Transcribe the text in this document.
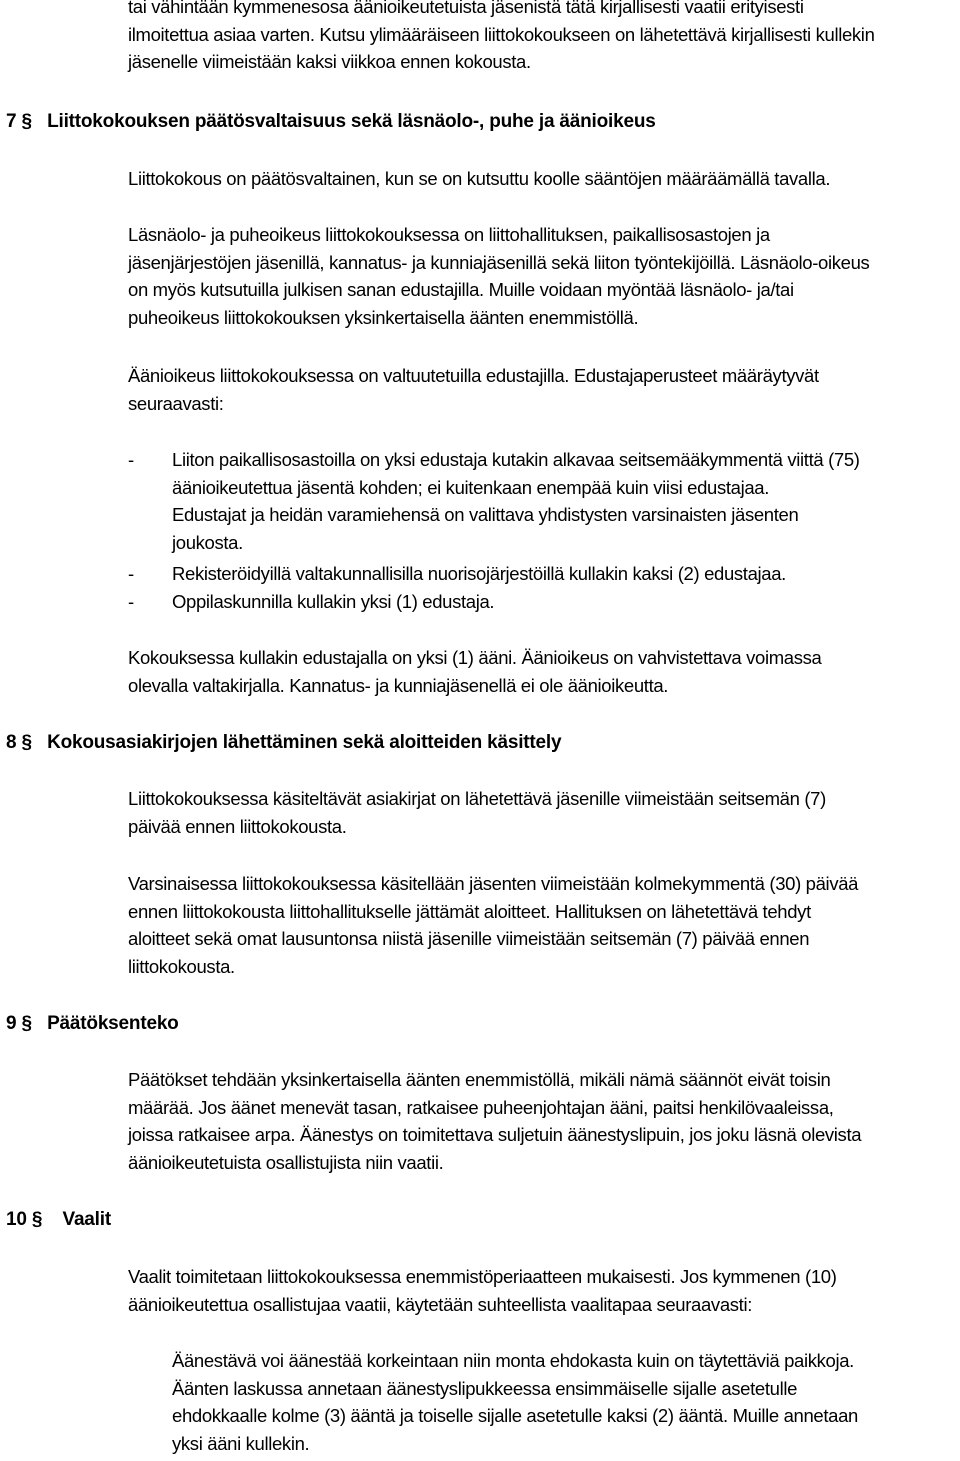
tai vähintään kymmenesosa äänioikeutetuista jäsenistä tätä kirjallisesti vaatii erityisesti
ilmoitettua asiaa varten. Kutsu ylimääräiseen liittokokoukseen on lähetettävä kirjallisesti kullekin
jäsenelle viimeistään kaksi viikkoa ennen kokousta.
7 § Liittokokouksen päätösvaltaisuus sekä läsnäolo-, puhe ja äänioikeus
Liittokokous on päätösvaltainen, kun se on kutsuttu koolle sääntöjen määräämällä tavalla.
Läsnäolo- ja puheoikeus liittokokouksessa on liittohallituksen, paikallisosastojen ja
jäsenjärjestöjen jäsenillä, kannatus- ja kunniajäsenillä sekä liiton työntekijöillä. Läsnäolo-oikeus
on myös kutsutuilla julkisen sanan edustajilla. Muille voidaan myöntää läsnäolo- ja/tai
puheoikeus liittokokouksen yksinkertaisella äänten enemmistöllä.
Äänioikeus liittokokouksessa on valtuutetuilla edustajilla. Edustajaperusteet määräytyvät
seuraavasti:
- Liiton paikallisosastoilla on yksi edustaja kutakin alkavaa seitsemääkymmentä viittä (75)
äänioikeutettua jäsentä kohden; ei kuitenkaan enempää kuin viisi edustajaa.
Edustajat ja heidän varamiehensä on valittava yhdistysten varsinaisten jäsenten
joukosta.
- Rekisteröidyillä valtakunnallisilla nuorisojärjestöillä kullakin kaksi (2) edustajaa.
- Oppilaskunnilla kullakin yksi (1) edustaja.
Kokouksessa kullakin edustajalla on yksi (1) ääni. Äänioikeus on vahvistettava voimassa
olevalla valtakirjalla. Kannatus- ja kunniajäsenellä ei ole äänioikeutta.
8 § Kokousasiakirjojen lähettäminen sekä aloitteiden käsittely
Liittokokouksessa käsiteltävät asiakirjat on lähetettävä jäsenille viimeistään seitsemän (7)
päivää ennen liittokokousta.
Varsinaisessa liittokokouksessa käsitellään jäsenten viimeistään kolmekymmentä (30) päivää
ennen liittokokousta liittohallitukselle jättämät aloitteet. Hallituksen on lähetettävä tehdyt
aloitteet sekä omat lausuntonsa niistä jäsenille viimeistään seitsemän (7) päivää ennen
liittokokousta.
9 § Päätöksenteko
Päätökset tehdään yksinkertaisella äänten enemmistöllä, mikäli nämä säännöt eivät toisin
määrää. Jos äänet menevät tasan, ratkaisee puheenjohtajan ääni, paitsi henkilövaaleissa,
joissa ratkaisee arpa. Äänestys on toimitettava suljetuin äänestyslipuin, jos joku läsnä olevista
äänioikeutetuista osallistujista niin vaatii.
10 § Vaalit
Vaalit toimitetaan liittokokouksessa enemmistöperiaatteen mukaisesti. Jos kymmenen (10)
äänioikeutettua osallistujaa vaatii, käytetään suhteellista vaalitapaa seuraavasti:
Äänestävä voi äänestää korkeintaan niin monta ehdokasta kuin on täytettäviä paikkoja.
Äänten laskussa annetaan äänestyslipukkeessa ensimmäiselle sijalle asetetulle
ehdokkaalle kolme (3) ääntä ja toiselle sijalle asetetulle kaksi (2) ääntä. Muille annetaan
yksi ääni kullekin.
